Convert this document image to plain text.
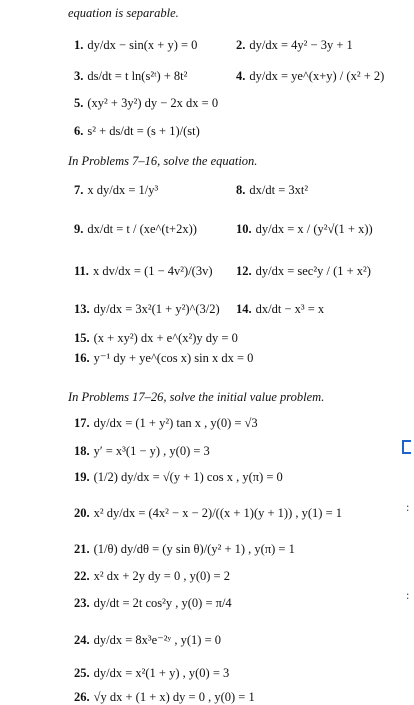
equation is separable.
1. dy/dx − sin(x + y) = 0	2. dy/dx = 4y² − 3y + 1
3. ds/dt = t ln(s²ᵗ) + 8t²	4. dy/dx = ye^(x+y) / (x² + 2)
5. (xy² + 3y²) dy − 2x dx = 0
6. s² + ds/dt = (s + 1)/(st)
In Problems 7–16, solve the equation.
7. x dy/dx = 1/y³	8. dx/dt = 3xt²
9. dx/dt = t / (xe^(t+2x))	10. dy/dx = x / (y²√(1 + x))
11. x dv/dx = (1 − 4v²)/(3v) 12. dy/dx = sec²y / (1 + x²)
13. dy/dx = 3x²(1 + y²)^(3/2) 14. dx/dt − x³ = x
15. (x + xy²) dx + e^(x²)y dy = 0
16. y⁻¹ dy + ye^(cos x) sin x dx = 0
In Problems 17–26, solve the initial value problem.
17. dy/dx = (1 + y²) tan x , y(0) = √3
18. y′ = x³(1 − y) , y(0) = 3
19. (1/2) dy/dx = √(y + 1) cos x , y(π) = 0
20. x² dy/dx = (4x² − x − 2)/((x + 1)(y + 1)) , y(1) = 1
21. (1/θ) dy/dθ = (y sin θ)/(y² + 1) , y(π) = 1
22. x² dx + 2y dy = 0 , y(0) = 2
23. dy/dt = 2t cos²y , y(0) = π/4
24. dy/dx = 8x³e⁻²ʸ , y(1) = 0
25. dy/dx = x²(1 + y) , y(0) = 3
26. √y dx + (1 + x) dy = 0 , y(0) = 1
:
:
